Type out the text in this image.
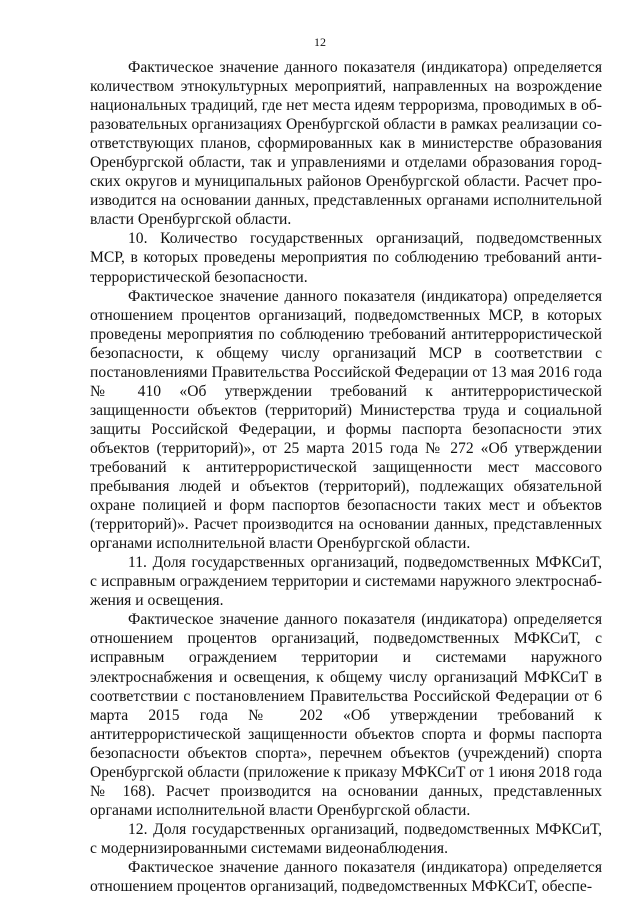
12

Фактическое значение данного показателя (индикатора) определяется количеством этнокультурных мероприятий, направленных на возрождение национальных традиций, где нет места идеям терроризма, проводимых в образовательных организациях Оренбургской области в рамках реализации соответствующих планов, сформированных как в министерстве образования Оренбургской области, так и управлениями и отделами образования городских округов и муниципальных районов Оренбургской области. Расчет производится на основании данных, представленных органами исполнительной власти Оренбургской области.

10. Количество государственных организаций, подведомственных МСР, в которых проведены мероприятия по соблюдению требований антитеррористической безопасности.

Фактическое значение данного показателя (индикатора) определяется отношением процентов организаций, подведомственных МСР, в которых проведены мероприятия по соблюдению требований антитеррористической безопасности, к общему числу организаций МСР в соответствии с постановлениями Правительства Российской Федерации от 13 мая 2016 года № 410 «Об утверждении требований к антитеррористической защищенности объектов (территорий) Министерства труда и социальной защиты Российской Федерации, и формы паспорта безопасности этих объектов (территорий)», от 25 марта 2015 года № 272 «Об утверждении требований к антитеррористической защищенности мест массового пребывания людей и объектов (территорий), подлежащих обязательной охране полицией и форм паспортов безопасности таких мест и объектов (территорий)». Расчет производится на основании данных, представленных органами исполнительной власти Оренбургской области.

11. Доля государственных организаций, подведомственных МФКСиТ, с исправным ограждением территории и системами наружного электроснабжения и освещения.

Фактическое значение данного показателя (индикатора) определяется отношением процентов организаций, подведомственных МФКСиТ, с исправным ограждением территории и системами наружного электроснабжения и освещения, к общему числу организаций МФКСиТ в соответствии с постановлением Правительства Российской Федерации от 6 марта 2015 года № 202 «Об утверждении требований к антитеррористической защищенности объектов спорта и формы паспорта безопасности объектов спорта», перечнем объектов (учреждений) спорта Оренбургской области (приложение к приказу МФКСиТ от 1 июня 2018 года № 168). Расчет производится на основании данных, представленных органами исполнительной власти Оренбургской области.

12. Доля государственных организаций, подведомственных МФКСиТ, с модернизированными системами видеонаблюдения.

Фактическое значение данного показателя (индикатора) определяется отношением процентов организаций, подведомственных МФКСиТ, обеспе-
